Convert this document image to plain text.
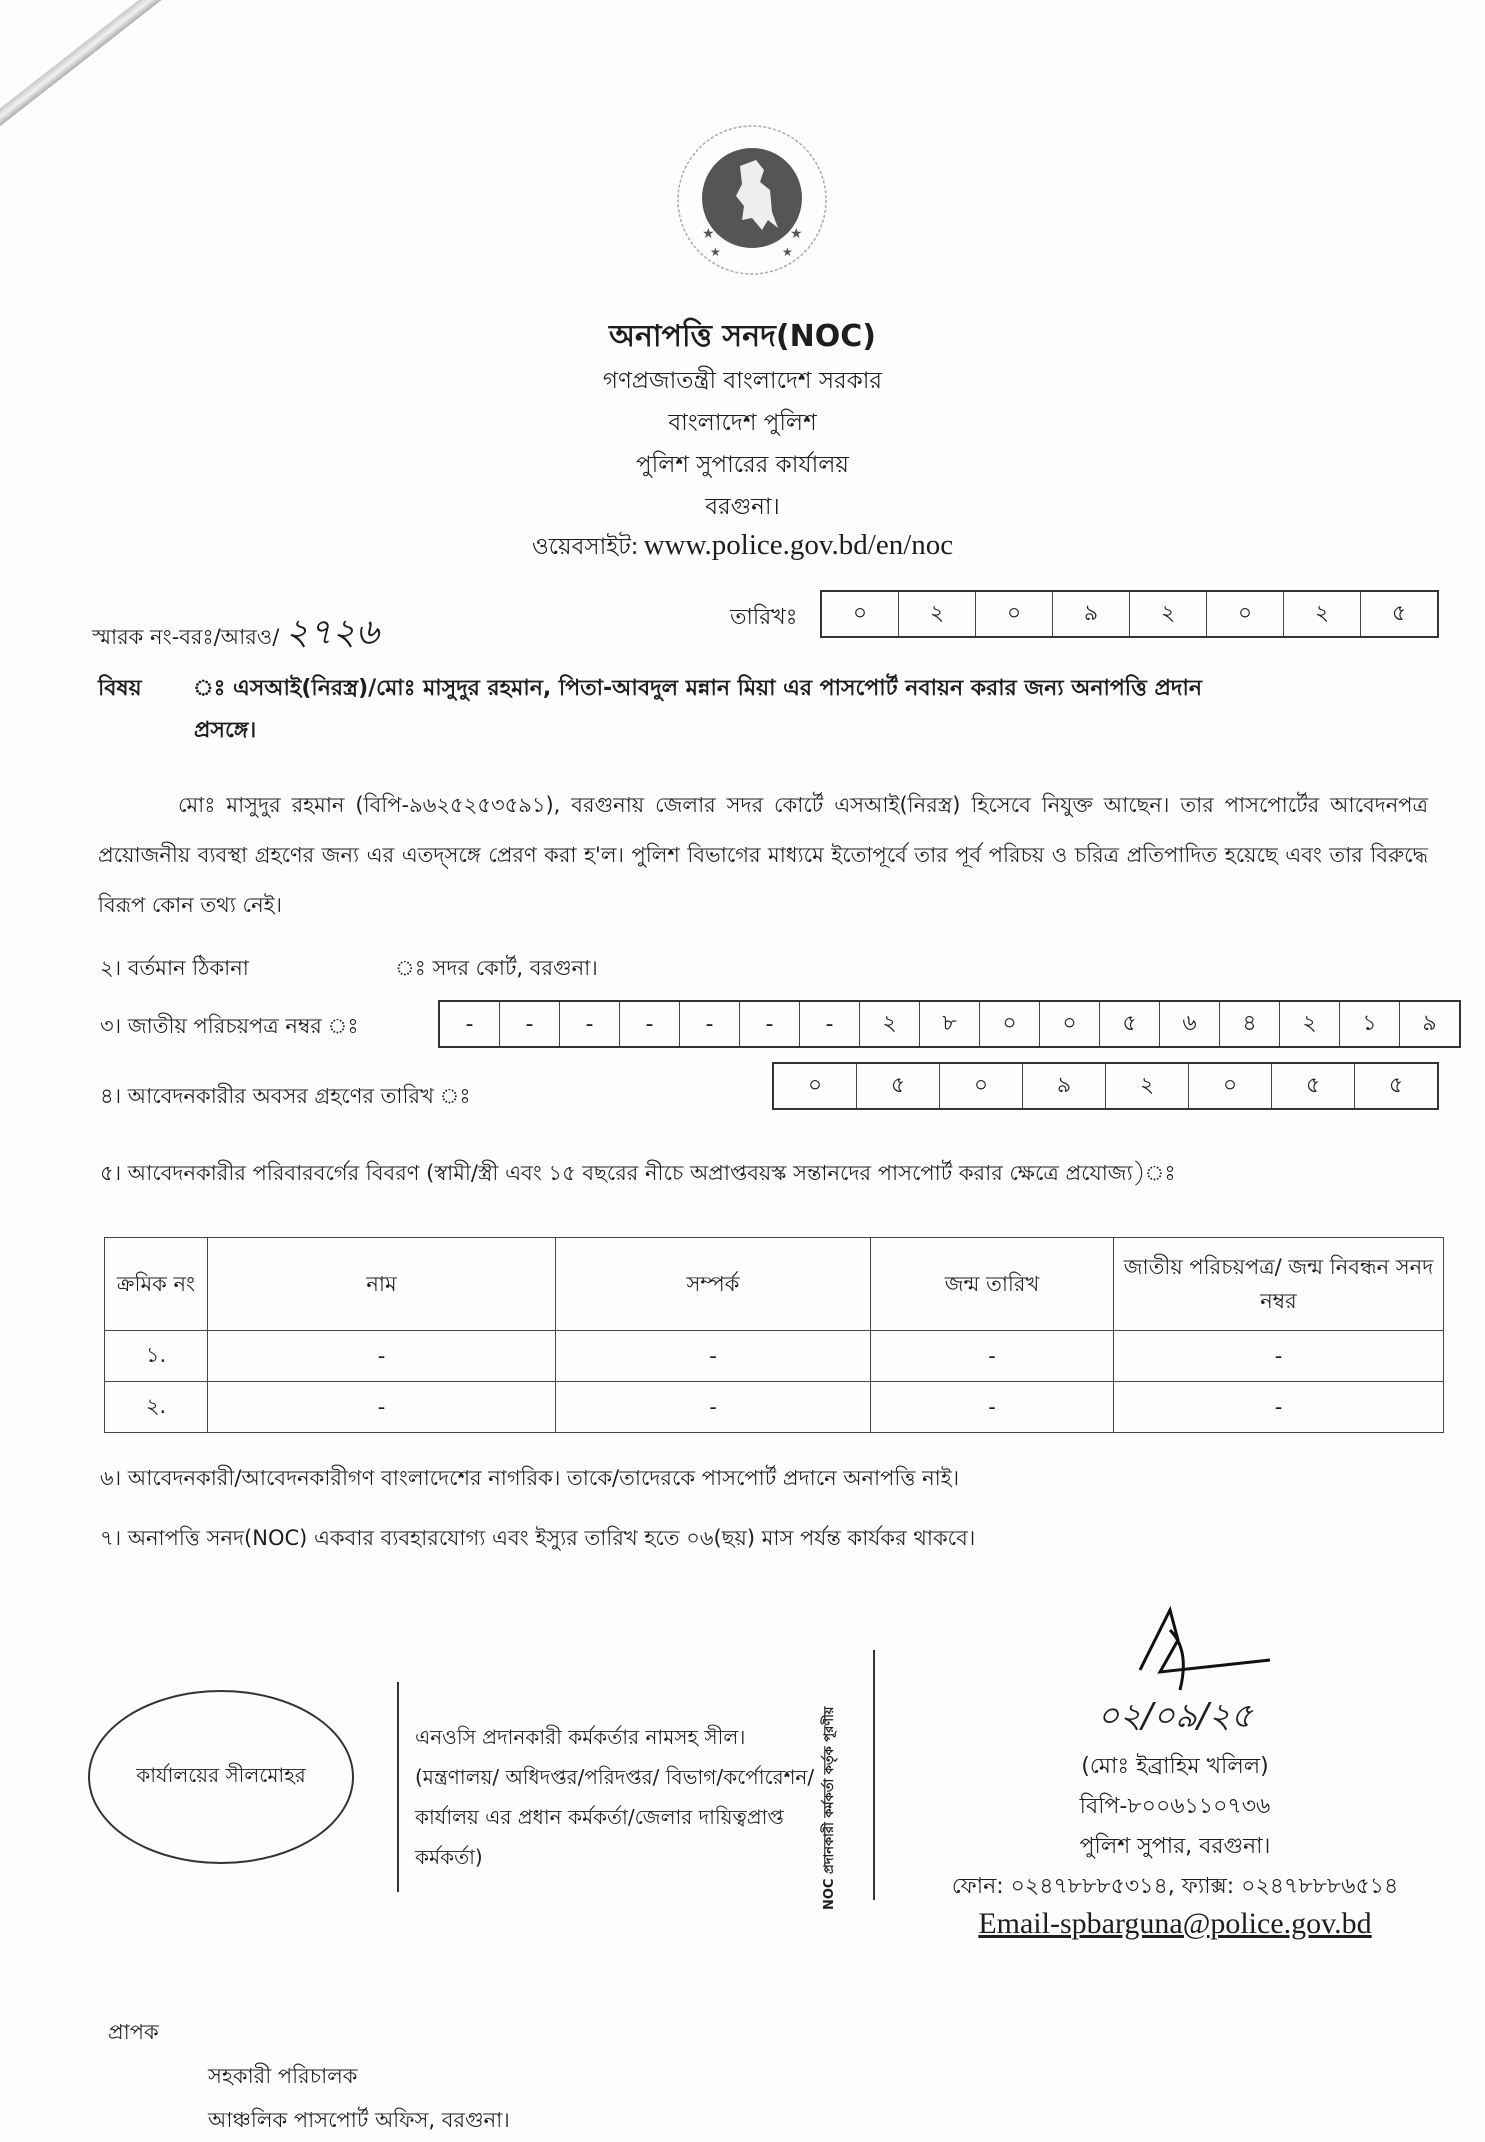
★	★
★	★
অনাপত্তি সনদ(NOC)
গণপ্রজাতন্ত্রী বাংলাদেশ সরকার
বাংলাদেশ পুলিশ
পুলিশ সুপারের কার্যালয়
বরগুনা।
ওয়েবসাইট: www.police.gov.bd/en/noc
স্মারক নং-বরঃ/আরও/ ২৭২৬	তারিখঃ	০	২	০	৯	২	০	২	৫
বিষয় ঃ এসআই(নিরস্ত্র)/মোঃ মাসুদুর রহমান, পিতা-আবদুল মন্নান মিয়া এর পাসপোর্ট নবায়ন করার জন্য অনাপত্তি প্রদান
প্রসঙ্গে।
মোঃ মাসুদুর রহমান (বিপি-৯৬২৫২৫৩৫৯১), বরগুনায় জেলার সদর কোর্টে এসআই(নিরস্ত্র) হিসেবে নিযুক্ত আছেন। তার পাসপোর্টের আবেদনপত্র প্রয়োজনীয় ব্যবস্থা গ্রহণের জন্য এর এতদ্সঙ্গে প্রেরণ করা হ'ল। পুলিশ বিভাগের মাধ্যমে ইতোপূর্বে তার পূর্ব পরিচয় ও চরিত্র প্রতিপাদিত হয়েছে এবং তার বিরুদ্ধে বিরূপ কোন তথ্য নেই।
২। বর্তমান ঠিকানা	ঃ সদর কোর্ট, বরগুনা।
৩। জাতীয় পরিচয়পত্র নম্বর ঃ	-	-	-	-	-	-	-	২	৮	০	০	৫	৬	৪	২	১	৯
৪। আবেদনকারীর অবসর গ্রহণের তারিখ ঃ	০	৫	০	৯	২	০	৫	৫
৫। আবেদনকারীর পরিবারবর্গের বিবরণ (স্বামী/স্ত্রী এবং ১৫ বছরের নীচে অপ্রাপ্তবয়স্ক সন্তানদের পাসপোর্ট করার ক্ষেত্রে প্রযোজ্য)ঃ
ক্রমিক নং	নাম	সম্পর্ক	জন্ম তারিখ	জাতীয় পরিচয়পত্র/ জন্ম নিবন্ধন সনদ নম্বর
১.	-	-	-	-
২.	-	-	-	-
৬। আবেদনকারী/আবেদনকারীগণ বাংলাদেশের নাগরিক। তাকে/তাদেরকে পাসপোর্ট প্রদানে অনাপত্তি নাই।
৭। অনাপত্তি সনদ(NOC) একবার ব্যবহারযোগ্য এবং ইস্যুর তারিখ হতে ০৬(ছয়) মাস পর্যন্ত কার্যকর থাকবে।
কার্যালয়ের সীলমোহর
এনওসি প্রদানকারী কর্মকর্তার নামসহ সীল। (মন্ত্রণালয়/ অধিদপ্তর/পরিদপ্তর/ বিভাগ/কর্পোরেশন/কার্যালয় এর প্রধান কর্মকর্তা/জেলার দায়িত্বপ্রাপ্ত কর্মকর্তা)	NOC প্রদানকারী কর্মকর্তা কর্তৃক পূরণীয়	০২/০৯/২৫
(মোঃ ইব্রাহিম খলিল)
বিপি-৮০০৬১১০৭৩৬
পুলিশ সুপার, বরগুনা।
ফোন: ০২৪৭৮৮৮৫৩১৪, ফ্যাক্স: ০২৪৭৮৮৮৬৫১৪
Email-spbarguna@police.gov.bd
প্রাপক
সহকারী পরিচালক
আঞ্চলিক পাসপোর্ট অফিস, বরগুনা।
